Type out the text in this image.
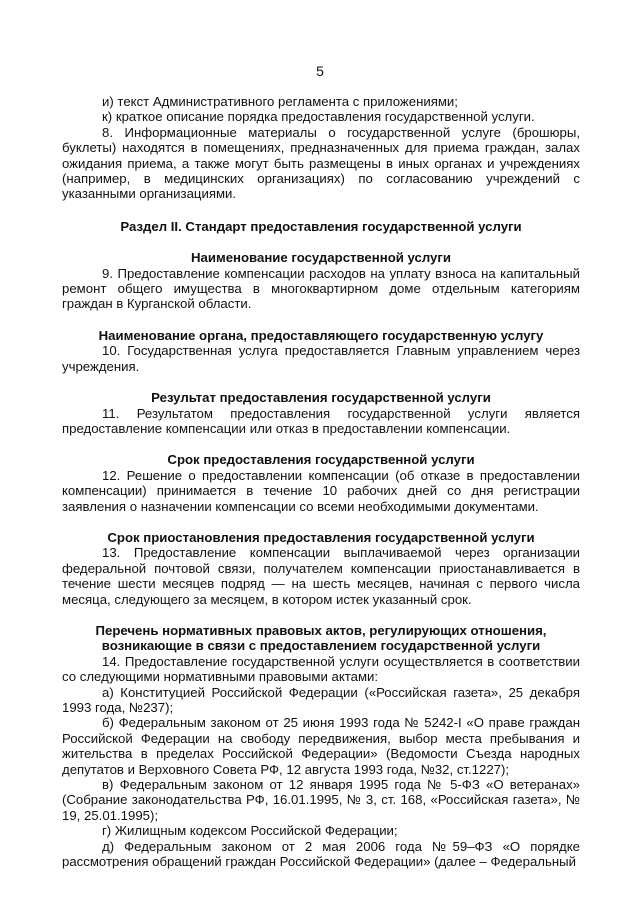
5

и) текст Административного регламента с приложениями;

к) краткое описание порядка предоставления государственной услуги.

8. Информационные материалы о государственной услуге (брошюры, буклеты) находятся в помещениях, предназначенных для приема граждан, залах ожидания приема, а также могут быть размещены в иных органах и учреждениях (например, в медицинских организациях) по согласованию учреждений с указанными организациями.

Раздел II. Стандарт предоставления государственной услуги
Наименование государственной услуги

9. Предоставление компенсации расходов на уплату взноса на капитальный ремонт общего имущества в многоквартирном доме отдельным категориям граждан в Курганской области.

Наименование органа, предоставляющего государственную услугу

10. Государственная услуга предоставляется Главным управлением через учреждения.

Результат предоставления государственной услуги

11. Результатом предоставления государственной услуги является предоставление компенсации или отказ в предоставлении компенсации.

Срок предоставления государственной услуги

12. Решение о предоставлении компенсации (об отказе в предоставлении компенсации) принимается в течение 10 рабочих дней со дня регистрации заявления о назначении компенсации со всеми необходимыми документами.

Срок приостановления предоставления государственной услуги

13. Предоставление компенсации выплачиваемой через организации федеральной почтовой связи, получателем компенсации приостанавливается в течение шести месяцев подряд — на шесть месяцев, начиная с первого числа месяца, следующего за месяцем, в котором истек указанный срок.

Перечень нормативных правовых актов, регулирующих отношения, возникающие в связи с предоставлением государственной услуги

14. Предоставление государственной услуги осуществляется в соответствии со следующими нормативными правовыми актами:

а) Конституцией Российской Федерации («Российская газета», 25 декабря 1993 года, №237);

б) Федеральным законом от 25 июня 1993 года № 5242-I «О праве граждан Российской Федерации на свободу передвижения, выбор места пребывания и жительства в пределах Российской Федерации» (Ведомости Съезда народных депутатов и Верховного Совета РФ, 12 августа 1993 года, №32, ст.1227);

в) Федеральным законом от 12 января 1995 года № 5-ФЗ «О ветеранах» (Собрание законодательства РФ, 16.01.1995, № 3, ст. 168, «Российская газета», № 19, 25.01.1995);

г) Жилищным кодексом Российской Федерации;

д) Федеральным законом от 2 мая 2006 года №59–ФЗ «О порядке рассмотрения обращений граждан Российской Федерации» (далее – Федеральный
